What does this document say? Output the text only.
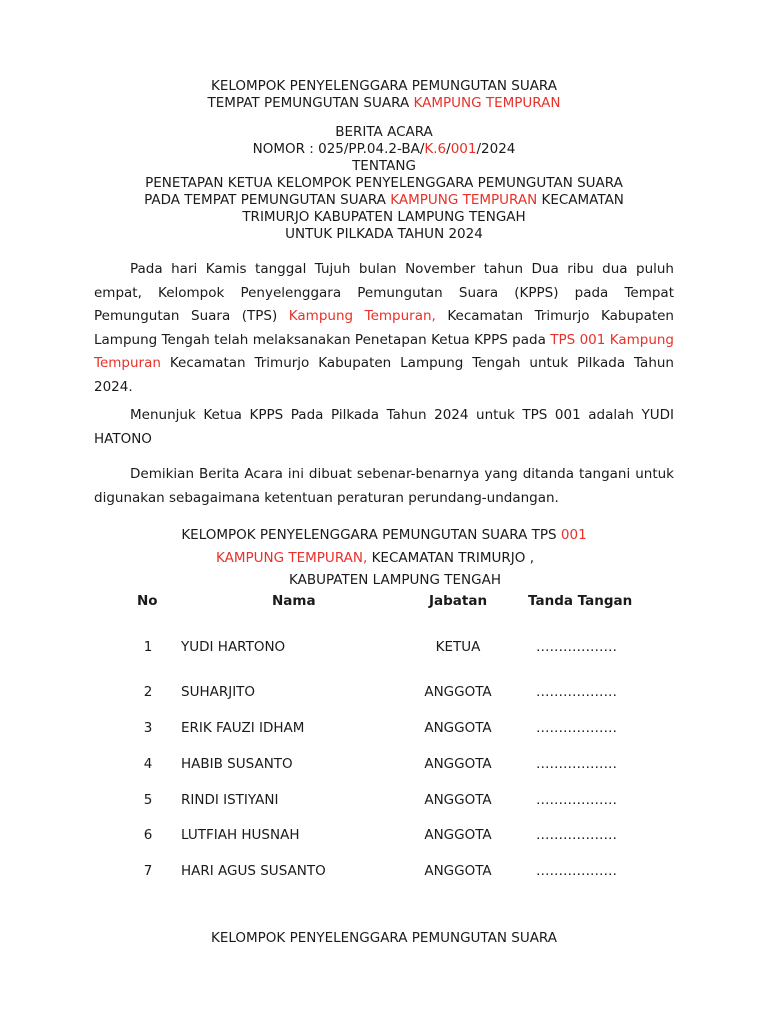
KELOMPOK PENYELENGGARA PEMUNGUTAN SUARA
TEMPAT PEMUNGUTAN SUARA KAMPUNG TEMPURAN
BERITA ACARA
NOMOR : 025/PP.04.2-BA/K.6/001/2024
TENTANG
PENETAPAN KETUA KELOMPOK PENYELENGGARA PEMUNGUTAN SUARA
PADA TEMPAT PEMUNGUTAN SUARA KAMPUNG TEMPURAN KECAMATAN
TRIMURJO KABUPATEN LAMPUNG TENGAH
UNTUK PILKADA TAHUN 2024
Pada hari Kamis tanggal Tujuh bulan November tahun Dua ribu dua puluh empat, Kelompok Penyelenggara Pemungutan Suara (KPPS) pada Tempat Pemungutan Suara (TPS) Kampung Tempuran, Kecamatan Trimurjo Kabupaten Lampung Tengah telah melaksanakan Penetapan Ketua KPPS pada TPS 001 Kampung Tempuran Kecamatan Trimurjo Kabupaten Lampung Tengah untuk Pilkada Tahun 2024.
Menunjuk Ketua KPPS Pada Pilkada Tahun 2024 untuk TPS 001 adalah YUDI HATONO
Demikian Berita Acara ini dibuat sebenar-benarnya yang ditanda tangani untuk digunakan sebagaimana ketentuan peraturan perundang-undangan.
KELOMPOK PENYELENGGARA PEMUNGUTAN SUARA TPS 001
KAMPUNG TEMPURAN, KECAMATAN TRIMURJO ,
KABUPATEN LAMPUNG TENGAH
No	Nama	Jabatan	Tanda Tangan
1	YUDI HARTONO	KETUA	………………
2	SUHARJITO	ANGGOTA	………………
3	ERIK FAUZI IDHAM	ANGGOTA	………………
4	HABIB SUSANTO	ANGGOTA	………………
5	RINDI ISTIYANI	ANGGOTA	………………
6	LUTFIAH HUSNAH	ANGGOTA	………………
7	HARI AGUS SUSANTO	ANGGOTA	………………
KELOMPOK PENYELENGGARA PEMUNGUTAN SUARA
